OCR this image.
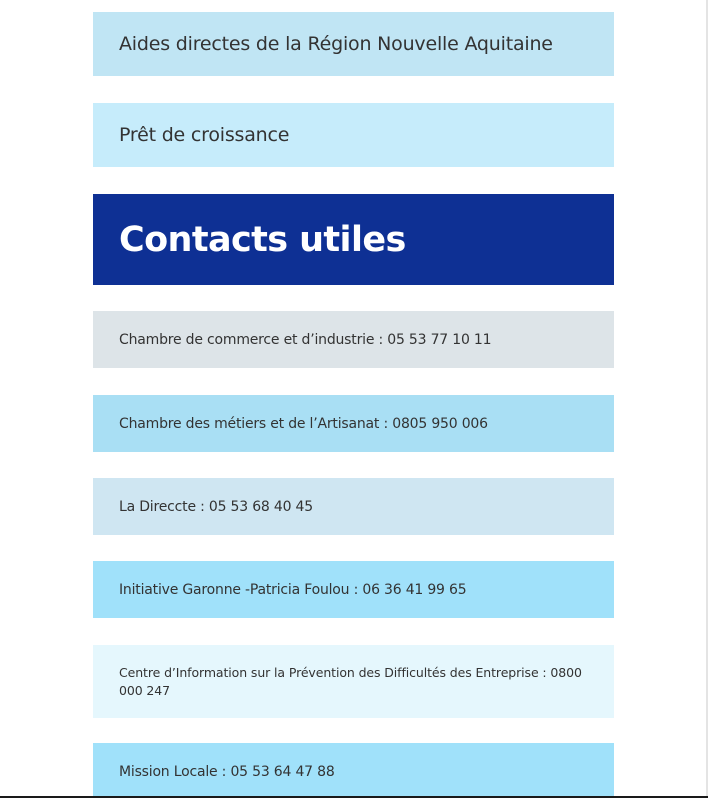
Aides directes de la Région Nouvelle Aquitaine
Prêt de croissance
Contacts utiles
Chambre de commerce et d’industrie : 05 53 77 10 11
Chambre des métiers et de l’Artisanat : 0805 950 006
La Direccte : 05 53 68 40 45
Initiative Garonne -Patricia Foulou : 06 36 41 99 65
Centre d’Information sur la Prévention des Difficultés des Entreprise : 0800 000 247
Mission Locale : 05 53 64 47 88
